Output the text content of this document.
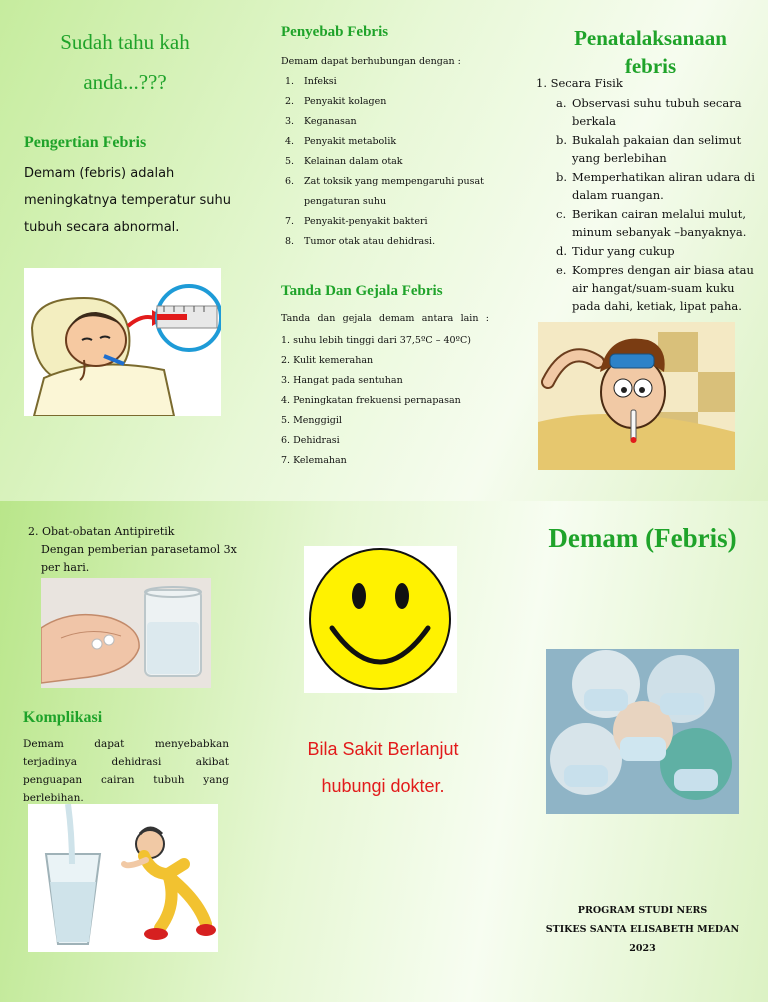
Sudah tahu kah
anda...???
Pengertian Febris

Demam (febris) adalah meningkatnya temperatur suhu tubuh secara abnormal.

Penyebab Febris
Demam dapat berhubungan dengan :
1. Infeksi
2. Penyakit kolagen
3. Keganasan
4. Penyakit metabolik
5. Kelainan dalam otak
6. Zat toksik yang mempengaruhi pusat pengaturan suhu
7. Penyakit-penyakit bakteri
8. Tumor otak atau dehidrasi.
Tanda Dan Gejala Febris
Tanda dan gejala demam antara lain :
1. suhu lebih tinggi dari 37,5ºC – 40ºC)
2. Kulit kemerahan
3. Hangat pada sentuhan
4. Peningkatan frekuensi pernapasan
5. Menggigil
6. Dehidrasi
7. Kelemahan
Penatalaksanaan
febris
1. Secara Fisik
a. Observasi suhu tubuh secara berkala
b. Bukalah pakaian dan selimut yang berlebihan
b. Memperhatikan aliran udara di dalam ruangan.
c. Berikan cairan melalui mulut, minum sebanyak –banyaknya.
d. Tidur yang cukup
e. Kompres dengan air biasa atau air hangat/suam-suam kuku pada dahi, ketiak, lipat paha.
2. Obat-obatan Antipiretik
Dengan pemberian parasetamol 3x per hari.
Komplikasi

Demam dapat menyebabkan terjadinya dehidrasi akibat penguapan cairan tubuh yang berlebihan.

Bila Sakit Berlanjut
hubungi dokter.
Demam (Febris)
PROGRAM STUDI NERS
STIKES SANTA ELISABETH MEDAN
2023
